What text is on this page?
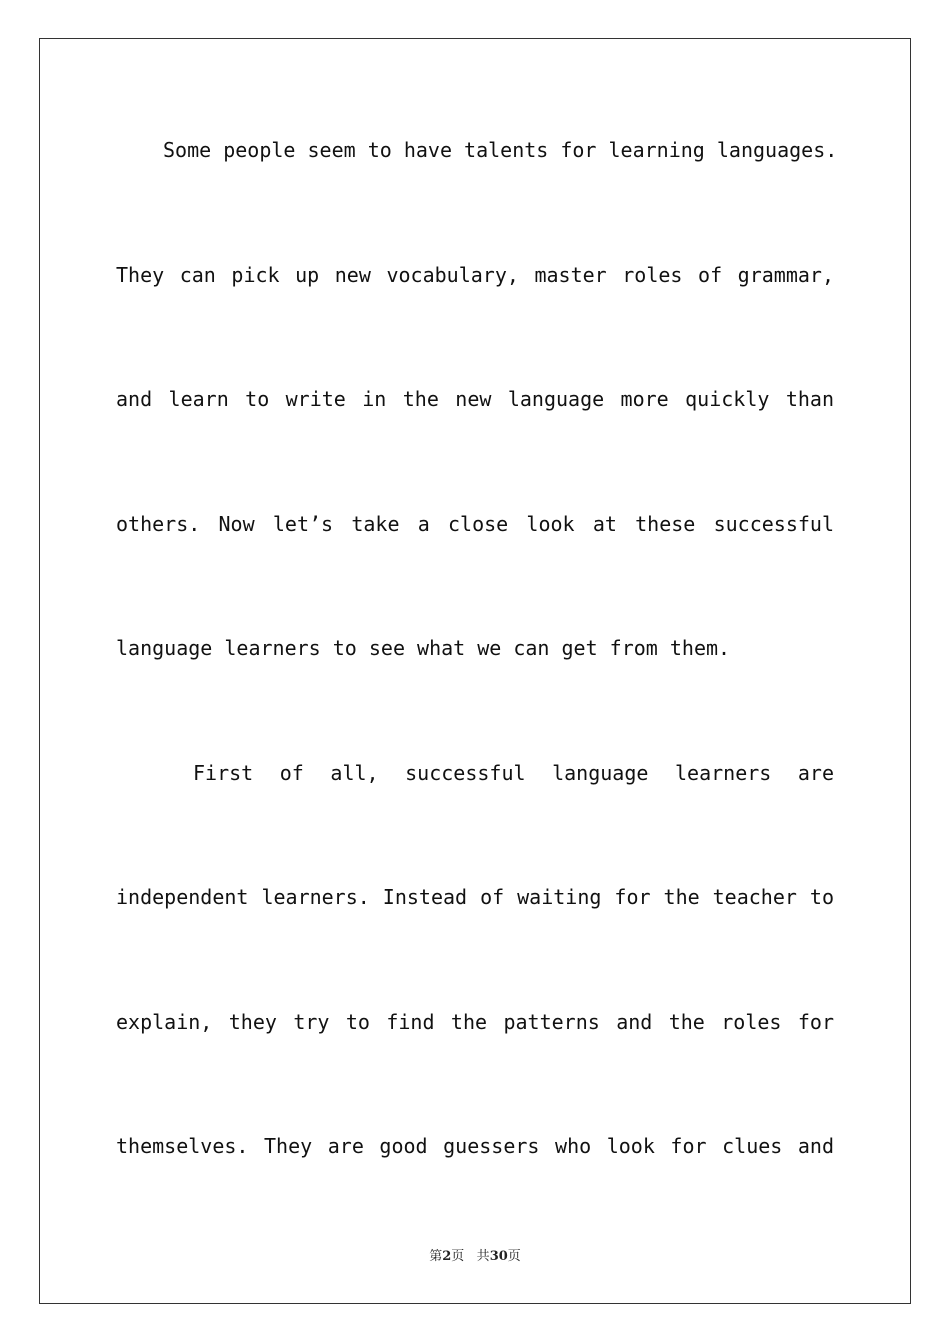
Some people seem to have talents for learning languages.
They can pick up new vocabulary, master roles of grammar,
and learn to write in the new language more quickly than
others. Now let’s take a close look at these successful
language learners to see what we can get from them.
First of all, successful language learners are
independent learners. Instead of waiting for the teacher to
explain, they try to find the patterns and the roles for
themselves. They are good guessers who look for clues and
第2页 共30页
